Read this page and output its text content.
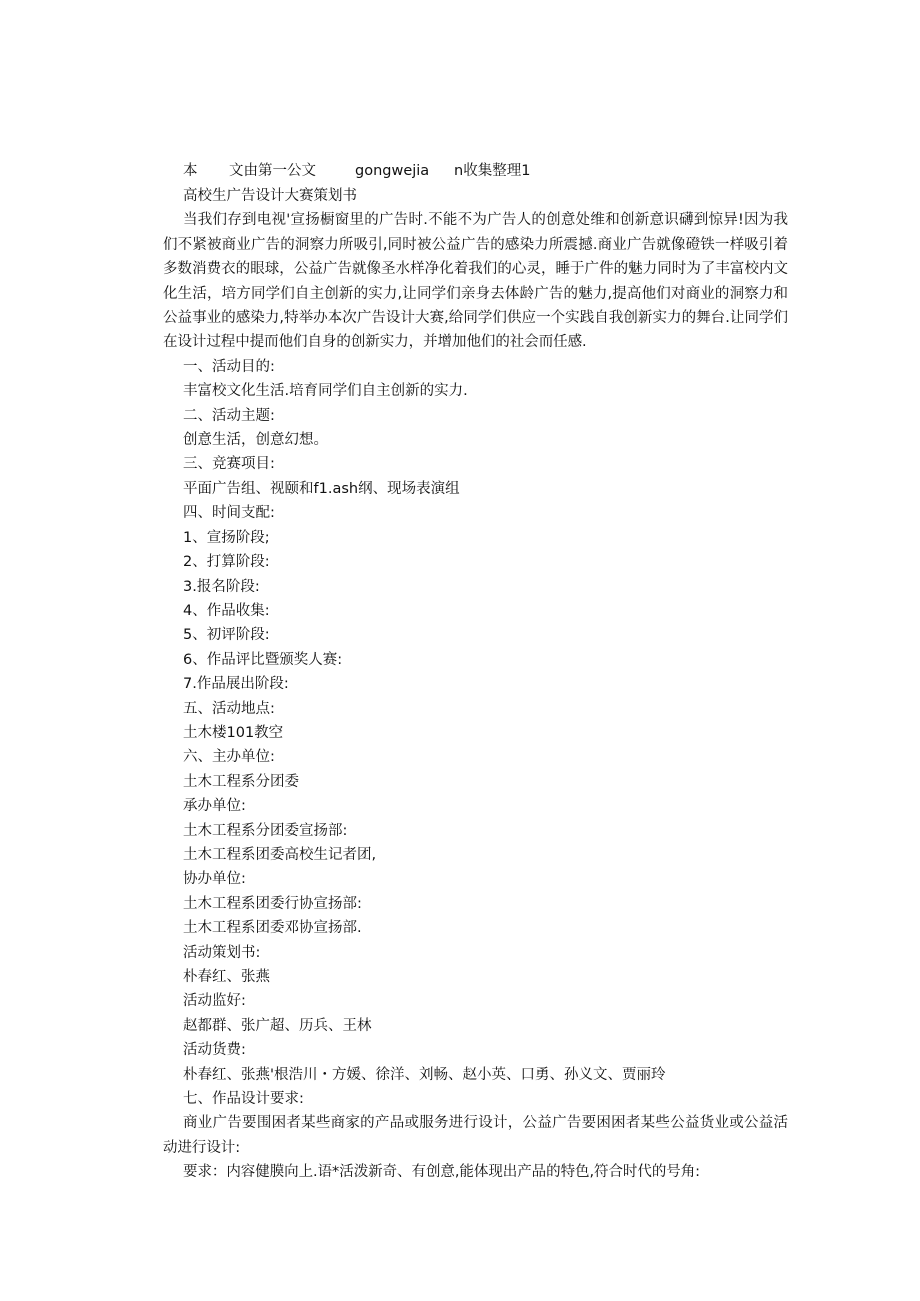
本 文由第一公文	gongwejia n收集整理1

高校生广告设计大赛策划书

当我们存到电视'宣扬橱窗里的广告时.不能不为广告人的创意处维和创新意识礴到惊异!因为我们不紧被商业广告的洞察力所吸引,同时被公益广告的感染力所震撼.商业广告就像磴铁一样吸引着多数消费衣的眼球，公益广告就像圣水样净化着我们的心灵，睡于广件的魅力同时为了丰富校内文化生活，培方同学们自主创新的实力,让同学们亲身去体龄广告的魅力,提高他们对商业的洞察力和公益事业的感染力,特举办本次广告设计大赛,给同学们供应一个实践自我创新实力的舞台.让同学们在设计过程中提而他们自身的创新实力，并增加他们的社会而任感.

一、活动目的:

丰富校文化生活.培育同学们自主创新的实力.

二、活动主题:

创意生活，创意幻想。

三、竞赛项目:

平面广告组、视颐和f1.ash纲、现场表演组

四、时间支配:

1、宣扬阶段;

2、打算阶段:

3.报名阶段:

4、作品收集:

5、初评阶段:

6、作品评比暨颁奖人赛:

7.作品展出阶段:

五、活动地点:

土木楼101教空

六、主办单位:

土木工程系分团委

承办单位:

土木工程系分团委宣扬部:

土木工程系团委高校生记者团,

协办单位:

土木工程系团委行协宣扬部:

土木工程系团委邓协宣扬部.

活动策划书:

朴春红、张燕

活动监好:

赵都群、张广超、历兵、王林

活动货费:

朴春红、张燕'根浩川・方媛、徐洋、刘畅、赵小英、口勇、孙义文、贾丽玲

七、作品设计要求:

商业广告要围困者某些商家的产品或服务进行设计，公益广告要困困者某些公益货业或公益活动进行设计:

要求：内容健膜向上.语*活泼新奇、有创意,能体现出产品的特色,符合时代的号角:
